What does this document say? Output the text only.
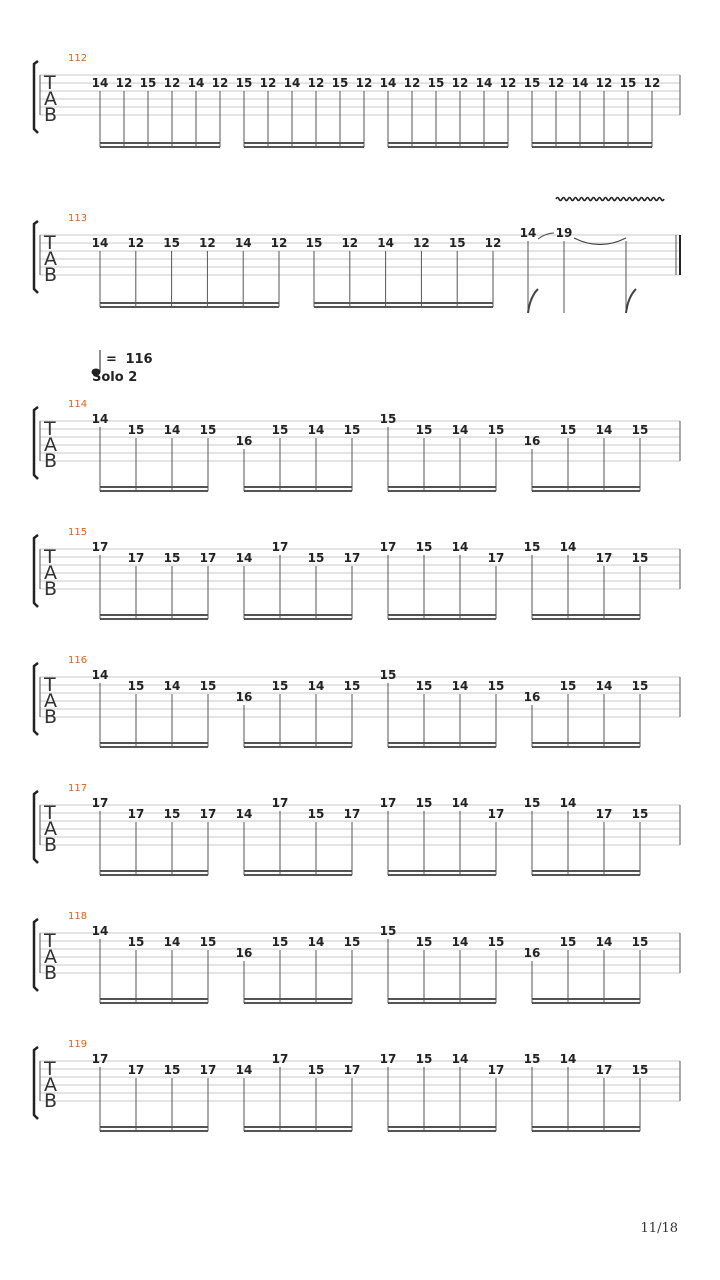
= 116
Solo 2
T
A
B
112
14 12 15 12 14 12 15 12 14 12 15 12 14 12 15 12 14 12 15 12 14 12 15 12
T
A
B
113
14 12 15 12 14 12 15 12 14 12 15 12
14 19
T
A
B
114
14
15 14 15
16
15 14 15
15
15 14 15
16
15 14 15
T
A
B
115
17
17 15 17 14
17
15 17
17 15 14
17
15 14
17 15
T
A
B
116
14
15 14 15
16
15 14 15
15
15 14 15
16
15 14 15
T
A
B
117
17
17 15 17 14
17
15 17
17 15 14
17
15 14
17 15
T
A
B
118
14
15 14 15
16
15 14 15
15
15 14 15
16
15 14 15
T
A
B
119
17
17 15 17 14
17
15 17
17 15 14
17
15 14
17 15
11/18
